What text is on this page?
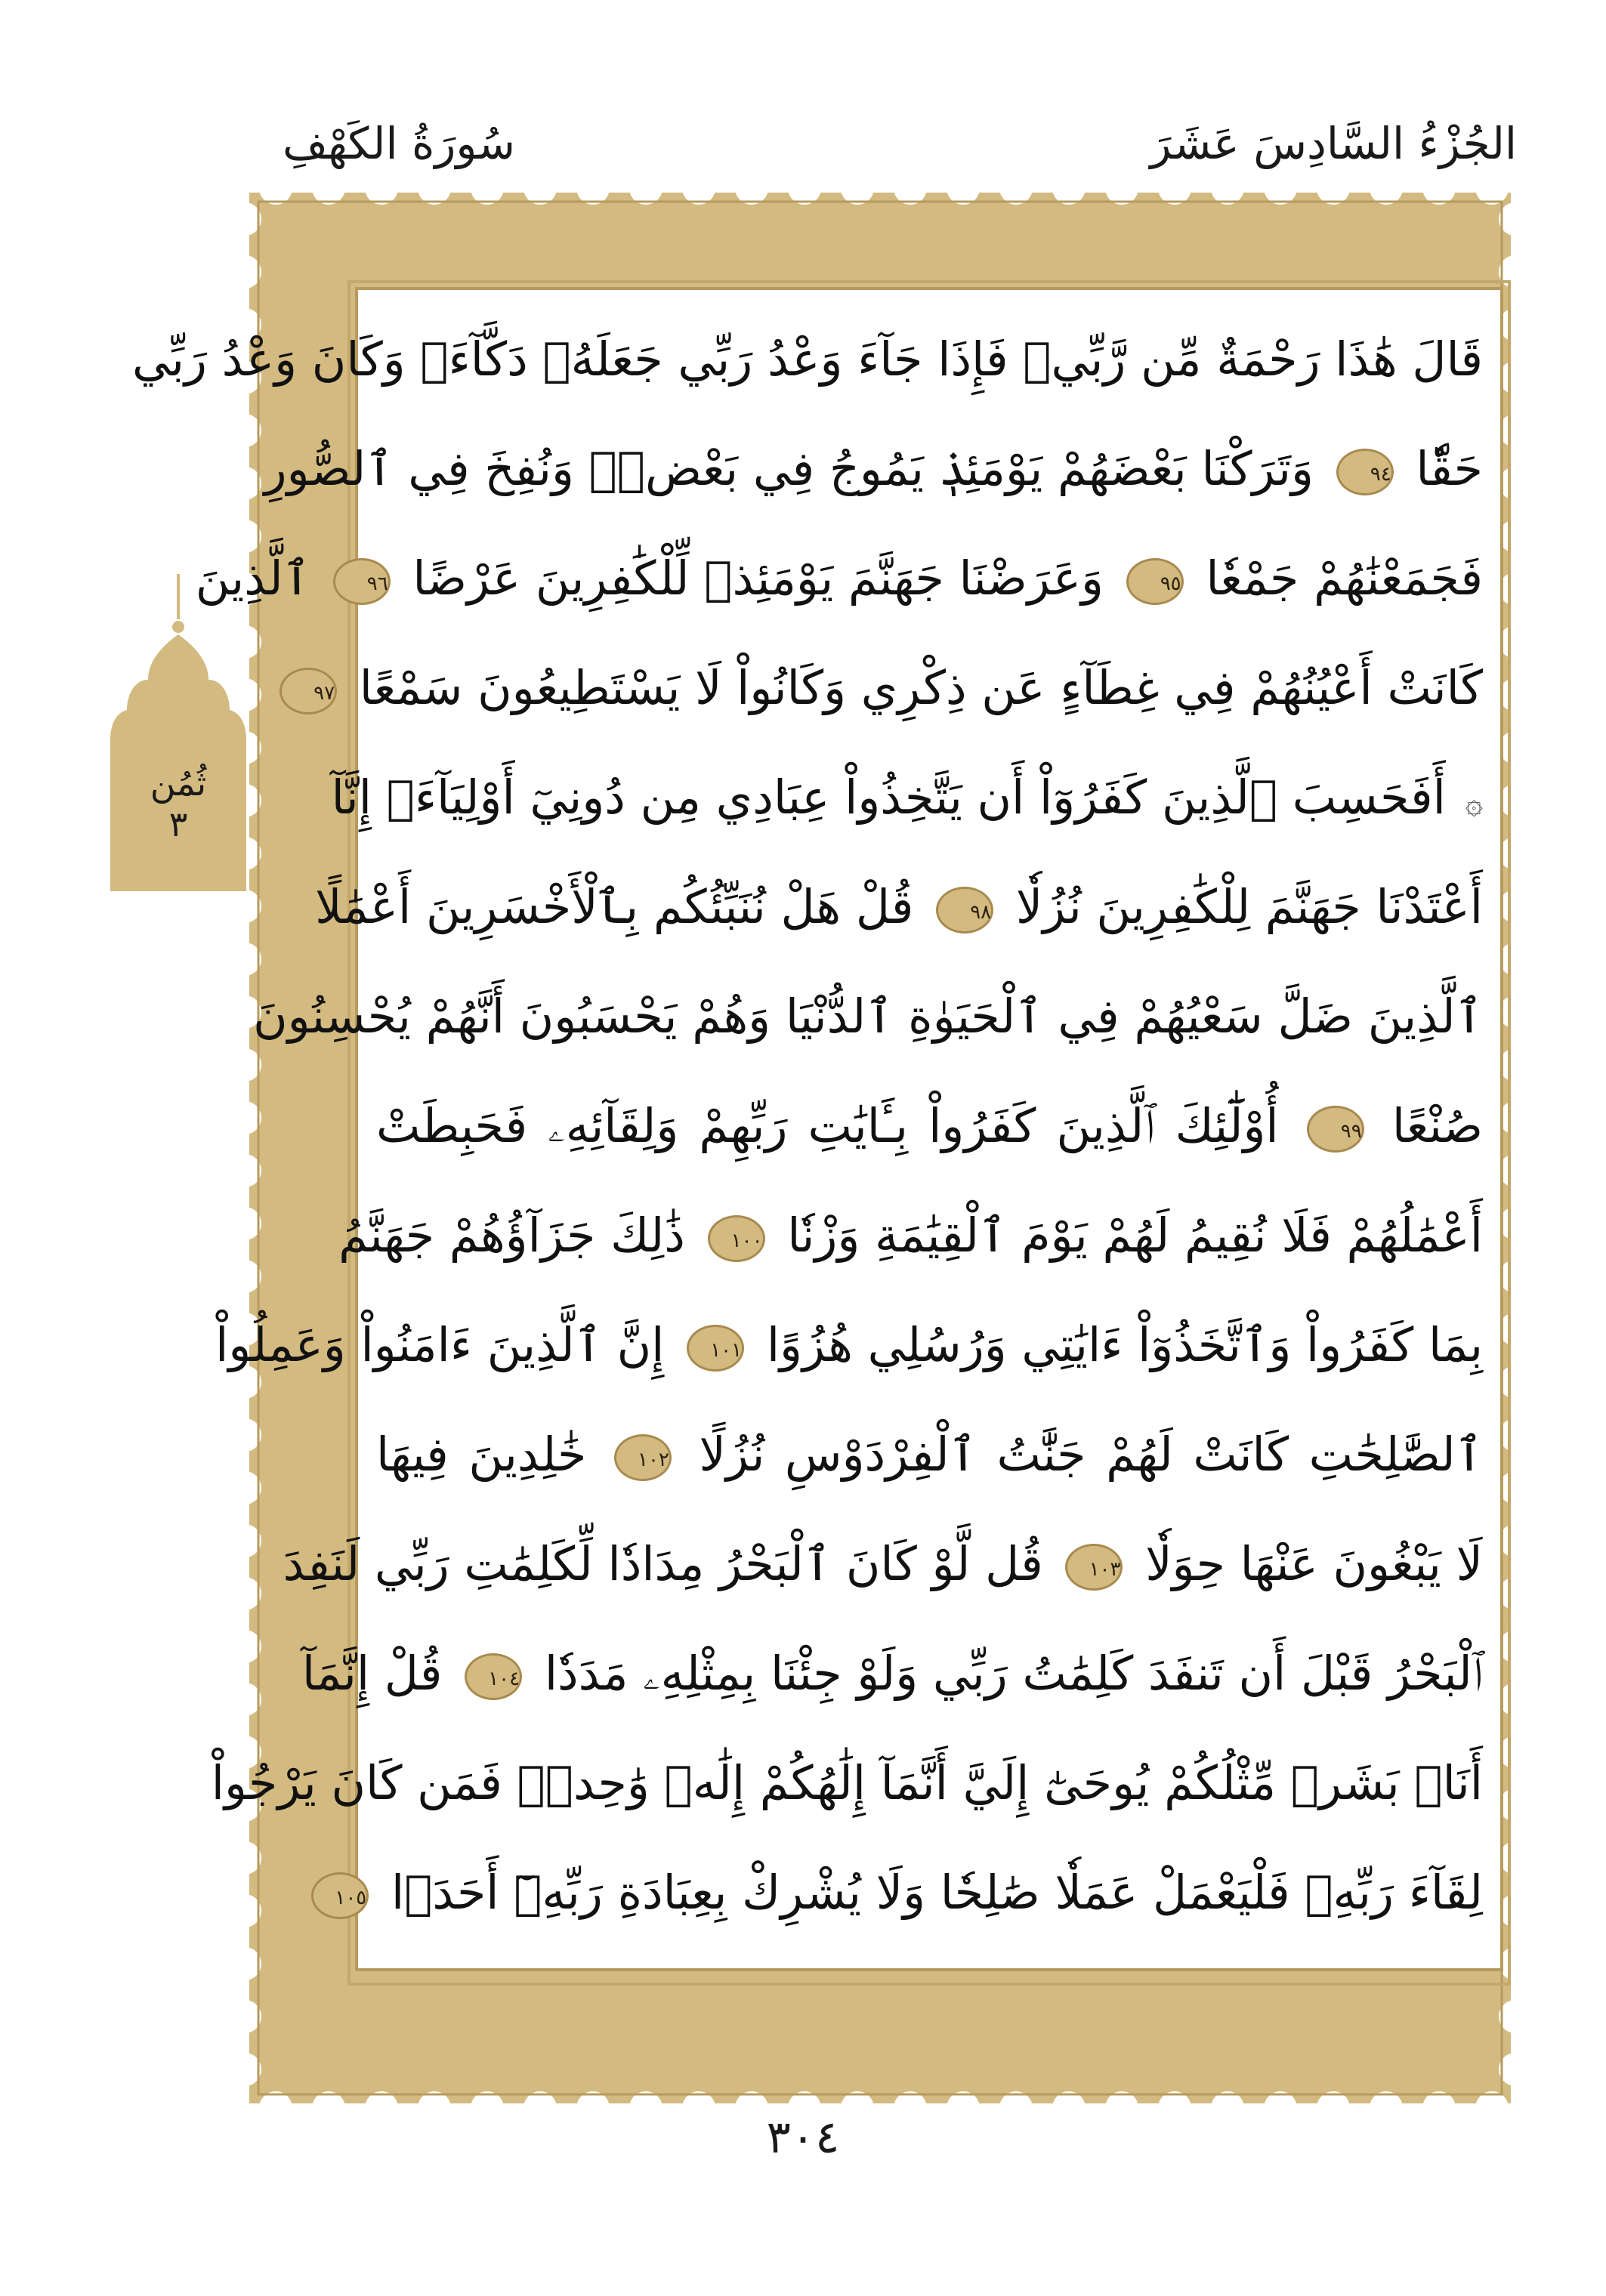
الجُزْءُ السَّادِسَ عَشَرَ
سُورَةُ الكَهْفِ
قَالَ هَٰذَا رَحْمَةٌ مِّن رَّبِّيۖ فَإِذَا جَآءَ وَعْدُ رَبِّي جَعَلَهُۥ دَكَّآءَۖ وَكَانَ وَعْدُ رَبِّي
حَقّٗا ٩٤ وَتَرَكْنَا بَعْضَهُمْ يَوْمَئِذٖ يَمُوجُ فِي بَعْضٖۖ وَنُفِخَ فِي ٱلصُّورِ
فَجَمَعْنَٰهُمْ جَمْعٗا ٩٥ وَعَرَضْنَا جَهَنَّمَ يَوْمَئِذٖ لِّلْكَٰفِرِينَ عَرْضًا ٩٦ ٱلَّذِينَ
كَانَتْ أَعْيُنُهُمْ فِي غِطَآءٍ عَن ذِكْرِي وَكَانُواْ لَا يَسْتَطِيعُونَ سَمْعًا ٩٧
۞ أَفَحَسِبَ ٱلَّذِينَ كَفَرُوٓاْ أَن يَتَّخِذُواْ عِبَادِي مِن دُونِيٓ أَوْلِيَآءَۚ إِنَّآ
أَعْتَدْنَا جَهَنَّمَ لِلْكَٰفِرِينَ نُزُلٗا ٩٨ قُلْ هَلْ نُنَبِّئُكُم بِٱلْأَخْسَرِينَ أَعْمَٰلًا
ٱلَّذِينَ ضَلَّ سَعْيُهُمْ فِي ٱلْحَيَوٰةِ ٱلدُّنْيَا وَهُمْ يَحْسَبُونَ أَنَّهُمْ يُحْسِنُونَ
صُنْعًا ٩٩ أُوْلَٰٓئِكَ ٱلَّذِينَ كَفَرُواْ بِـَٔايَٰتِ رَبِّهِمْ وَلِقَآئِهِۦ فَحَبِطَتْ
أَعْمَٰلُهُمْ فَلَا نُقِيمُ لَهُمْ يَوْمَ ٱلْقِيَٰمَةِ وَزْنٗا ١٠٠ ذَٰلِكَ جَزَآؤُهُمْ جَهَنَّمُ
بِمَا كَفَرُواْ وَٱتَّخَذُوٓاْ ءَايَٰتِي وَرُسُلِي هُزُوًا ١٠١ إِنَّ ٱلَّذِينَ ءَامَنُواْ وَعَمِلُواْ
ٱلصَّٰلِحَٰتِ كَانَتْ لَهُمْ جَنَّٰتُ ٱلْفِرْدَوْسِ نُزُلًا ١٠٢ خَٰلِدِينَ فِيهَا
لَا يَبْغُونَ عَنْهَا حِوَلٗا ١٠٣ قُل لَّوْ كَانَ ٱلْبَحْرُ مِدَادٗا لِّكَلِمَٰتِ رَبِّي لَنَفِدَ
ٱلْبَحْرُ قَبْلَ أَن تَنفَدَ كَلِمَٰتُ رَبِّي وَلَوْ جِئْنَا بِمِثْلِهِۦ مَدَدٗا ١٠٤ قُلْ إِنَّمَآ
أَنَا۠ بَشَرٞ مِّثْلُكُمْ يُوحَىٰٓ إِلَيَّ أَنَّمَآ إِلَٰهُكُمْ إِلَٰهٞ وَٰحِدٞۖ فَمَن كَانَ يَرْجُواْ
لِقَآءَ رَبِّهِۦ فَلْيَعْمَلْ عَمَلٗا صَٰلِحٗا وَلَا يُشْرِكْ بِعِبَادَةِ رَبِّهِۦٓ أَحَدَۢا ١٠٥
ثُمُن
٣
٣٠٤
